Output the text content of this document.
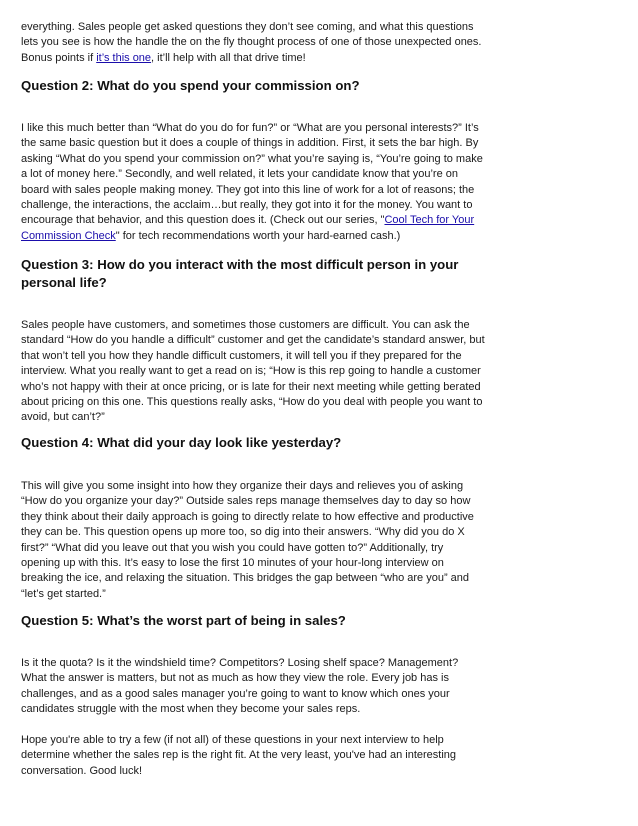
everything. Sales people get asked questions they don’t see coming, and what this questions
lets you see is how the handle the on the fly thought process of one of those unexpected ones.
Bonus points if it’s this one, it’ll help with all that drive time!
Question 2: What do you spend your commission on?
I like this much better than “What do you do for fun?” or “What are you personal interests?” It’s
the same basic question but it does a couple of things in addition. First, it sets the bar high. By
asking “What do you spend your commission on?” what you’re saying is, “You’re going to make
a lot of money here.” Secondly, and well related, it lets your candidate know that you’re on
board with sales people making money. They got into this line of work for a lot of reasons; the
challenge, the interactions, the acclaim…but really, they got into it for the money. You want to
encourage that behavior, and this question does it. (Check out our series, "Cool Tech for Your
Commission Check" for tech recommendations worth your hard-earned cash.)
Question 3: How do you interact with the most difficult person in your
personal life?
Sales people have customers, and sometimes those customers are difficult. You can ask the
standard “How do you handle a difficult” customer and get the candidate’s standard answer, but
that won’t tell you how they handle difficult customers, it will tell you if they prepared for the
interview. What you really want to get a read on is; “How is this rep going to handle a customer
who’s not happy with their at once pricing, or is late for their next meeting while getting berated
about pricing on this one. This questions really asks, “How do you deal with people you want to
avoid, but can’t?”
Question 4: What did your day look like yesterday?
This will give you some insight into how they organize their days and relieves you of asking
“How do you organize your day?” Outside sales reps manage themselves day to day so how
they think about their daily approach is going to directly relate to how effective and productive
they can be. This question opens up more too, so dig into their answers. “Why did you do X
first?” “What did you leave out that you wish you could have gotten to?” Additionally, try
opening up with this. It’s easy to lose the first 10 minutes of your hour-long interview on
breaking the ice, and relaxing the situation. This bridges the gap between “who are you” and
“let’s get started.”
Question 5: What’s the worst part of being in sales?
Is it the quota? Is it the windshield time? Competitors? Losing shelf space? Management?
What the answer is matters, but not as much as how they view the role. Every job has is
challenges, and as a good sales manager you’re going to want to know which ones your
candidates struggle with the most when they become your sales reps.
Hope you're able to try a few (if not all) of these questions in your next interview to help
determine whether the sales rep is the right fit. At the very least, you've had an interesting
conversation. Good luck!
